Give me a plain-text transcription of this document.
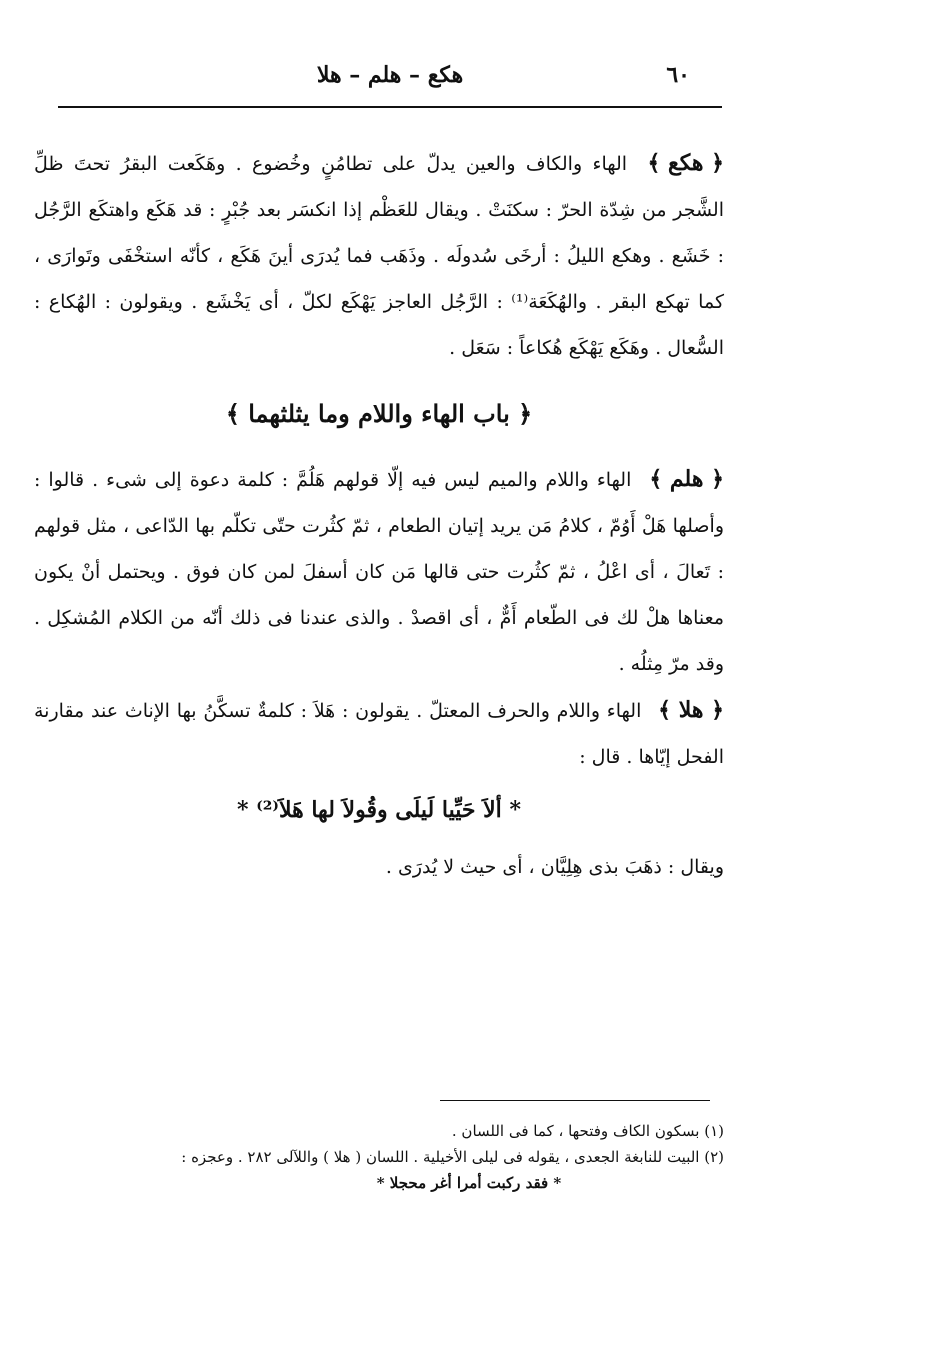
٦٠
هكع – هلم – هلا

﴿ هكع ﴾ الهاء والكاف والعين يدلّ على تطامُنٍ وخُضوع . وهَكَعت البقرُ تحتَ ظلِّ الشَّجر من شِدّة الحرّ : سكنَتْ . ويقال للعَظْم إذا انكسَر بعد جُبْرٍ : قد هَكَع واهتكَع الرَّجُل : خَشَع . وهكع الليلُ : أرخَى سُدولَه . وذَهَب فما يُدرَى أينَ هَكَع ، كأنّه استخْفَى وتَوارَى ، كما تهكع البقر . والهُكَعَة⁽¹⁾ : الرَّجُل العاجز يَهْكَع لكلّ ، أى يَخْشَع . ويقولون : الهُكاع : السُّعال . وهَكَع يَهْكَع هُكاعاً : سَعَل .

﴿ باب الهاء واللام وما يثلثهما ﴾

﴿ هلم ﴾ الهاء واللام والميم ليس فيه إلّا قولهم هَلُمَّ : كلمة دعوة إلى شىء . قالوا : وأصلها هَلْ أَوُمّ ، كلامُ مَن يريد إتيان الطعام ، ثمّ كثُرت حتّى تكلّم بها الدّاعى ، مثل قولهم : تَعالَ ، أى اعْلُ ، ثمّ كثُرت حتى قالها مَن كان أسفلَ لمن كان فوق . ويحتمل أنْ يكون معناها هلْ لك فى الطّعام أَمٌّ ، أى اقصدْ . والذى عندنا فى ذلك أنّه من الكلام المُشكِل . وقد مرّ مِثلُه .

﴿ هلا ﴾ الهاء واللام والحرف المعتلّ . يقولون : هَلاَ : كلمةٌ تسكَّنُ بها الإناث عند مقارنة الفحل إيّاها . قال :

* ألاَ حَيِّيا لَيلَى وقُولاَ لها هَلاَ⁽²⁾ *

ويقال : ذهَبَ بذى هِلِيَّان ، أى حيث لا يُدرَى .

(١) بسكون الكاف وفتحها ، كما فى اللسان .

(٢) البيت للنابغة الجعدى ، يقوله فى ليلى الأخيلية . اللسان ( هلا ) واللآلى ٢٨٢ . وعجزه :

* فقد ركبت أمرا أغر محجلا *
